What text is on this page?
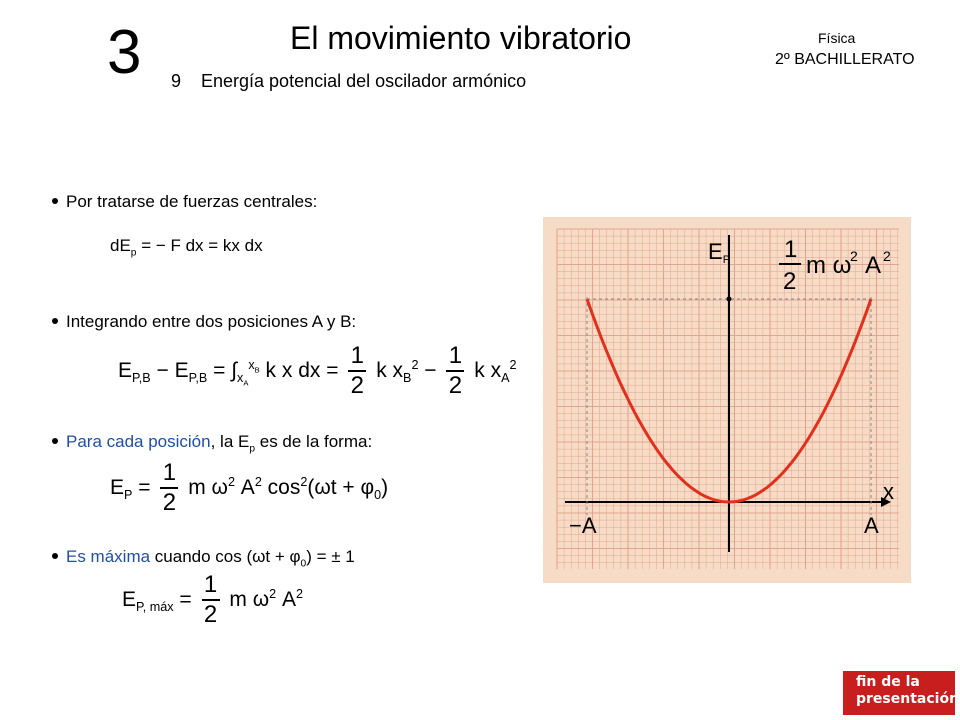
3	El movimiento vibratorio
9 Energía potencial del oscilador armónico
Física
2º BACHILLERATO
Por tratarse de fuerzas centrales:
$dE_p$ = − F dx = kx dx
Integrando entre dos posiciones A y B:
$E_{P,B} - E_{P,B} = \int_{x_A}^{x_B}$ k x dx = $\frac{1}{2}$ k $x_B^2 - \frac{1}{2}$ k $x_A^2$
Para cada posición, la $E_p$ es de la forma:
$E_P = \frac{1}{2}$ m $\omega^2$ $A^2$ $\cos^2(\omega t + \varphi_0)$
Es máxima cuando $\cos (\omega t + \varphi_0)$ = ± 1
$E_{P, máx} = \frac{1}{2}$ m $\omega^2$ $A^2$
EP
x
−A	A
1
2
m ω
2 A 2
fin de la
presentación
